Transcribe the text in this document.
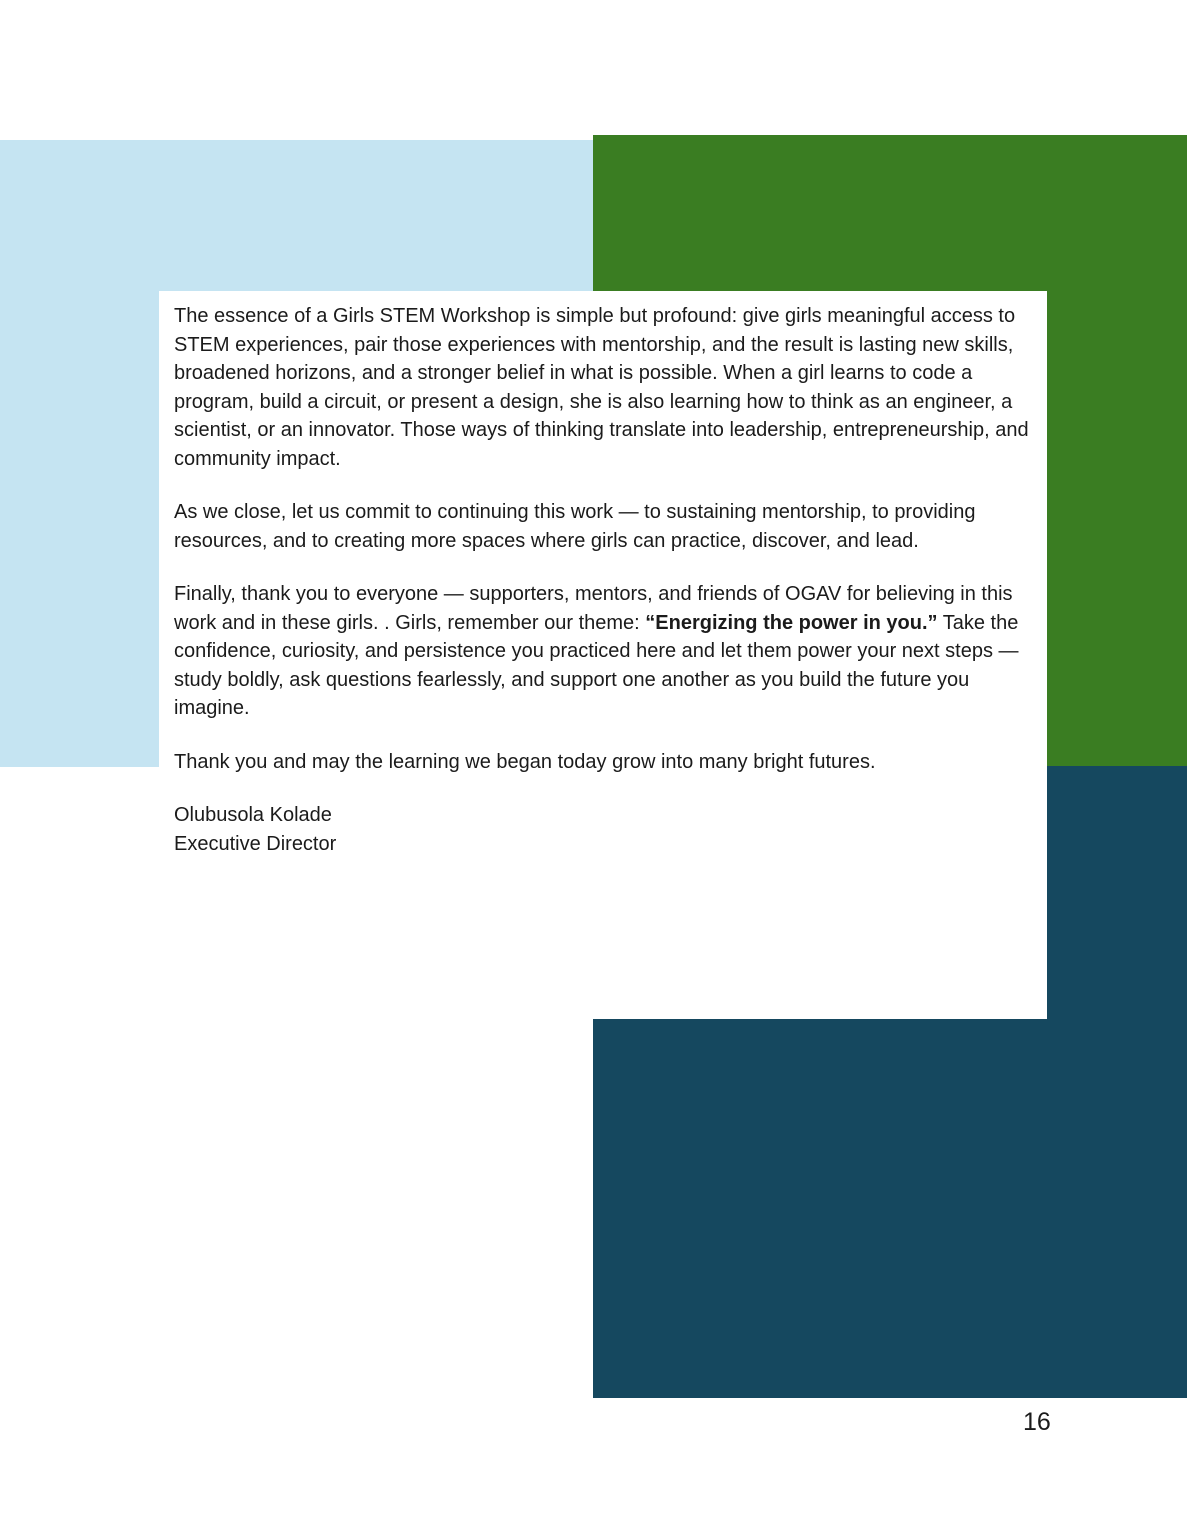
The essence of a Girls STEM Workshop is simple but profound: give girls meaningful access to STEM experiences, pair those experiences with mentorship, and the result is lasting new skills, broadened horizons, and a stronger belief in what is possible. When a girl learns to code a program, build a circuit, or present a design, she is also learning how to think as an engineer, a scientist, or an innovator. Those ways of thinking translate into leadership, entrepreneurship, and community impact.

As we close, let us commit to continuing this work — to sustaining mentorship, to providing resources, and to creating more spaces where girls can practice, discover, and lead.

Finally, thank you to everyone — supporters, mentors, and friends of OGAV for believing in this work and in these girls. . Girls, remember our theme: “Energizing the power in you.” Take the confidence, curiosity, and persistence you practiced here and let them power your next steps — study boldly, ask questions fearlessly, and support one another as you build the future you imagine.

Thank you and may the learning we began today grow into many bright futures.

Olubusola Kolade
Executive Director
16
